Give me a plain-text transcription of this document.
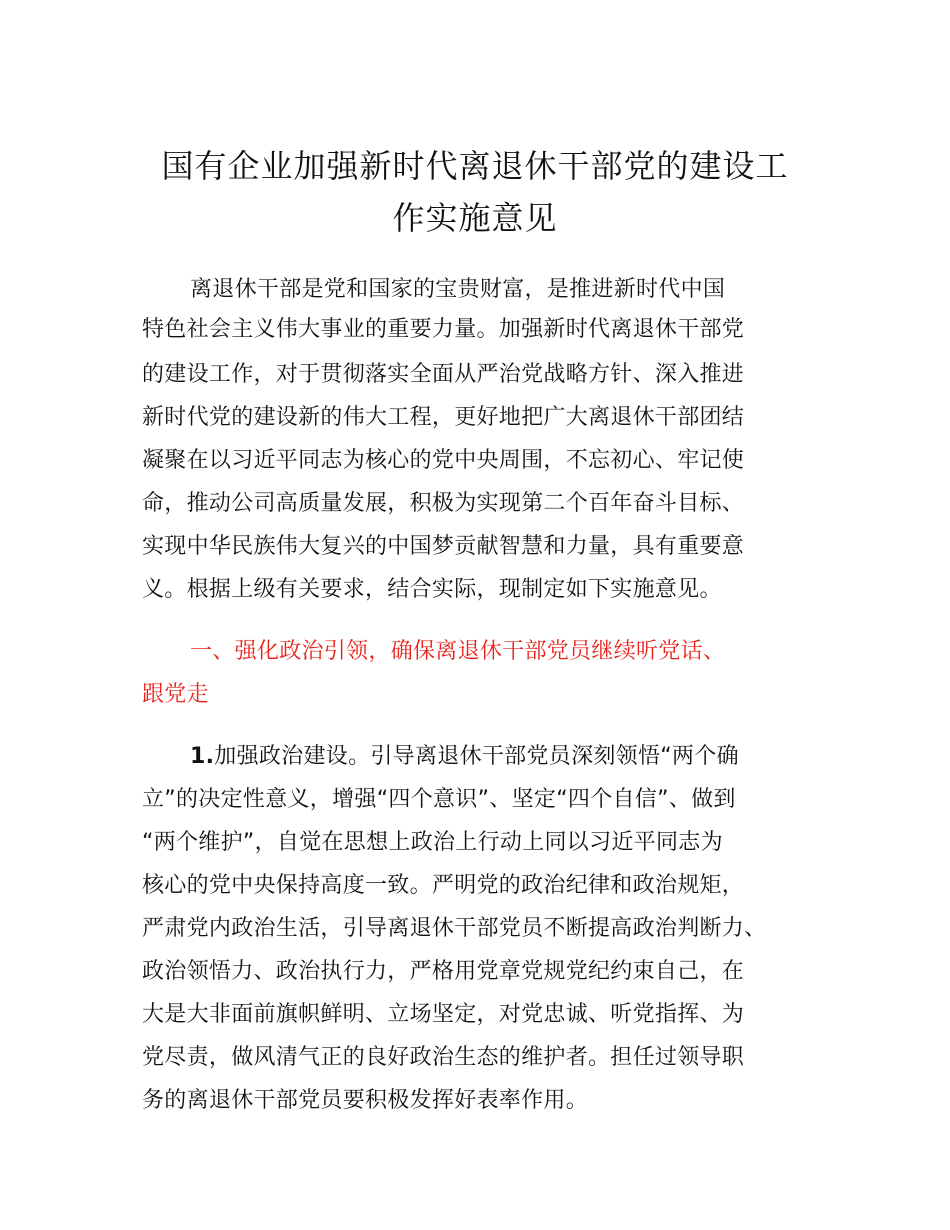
国有企业加强新时代离退休干部党的建设工
作实施意见
离退休干部是党和国家的宝贵财富，是推进新时代中国
特色社会主义伟大事业的重要力量。加强新时代离退休干部党
的建设工作，对于贯彻落实全面从严治党战略方针、深入推进
新时代党的建设新的伟大工程，更好地把广大离退休干部团结
凝聚在以习近平同志为核心的党中央周围，不忘初心、牢记使
命，推动公司高质量发展，积极为实现第二个百年奋斗目标、
实现中华民族伟大复兴的中国梦贡献智慧和力量，具有重要意
义。根据上级有关要求，结合实际，现制定如下实施意见。
一、强化政治引领，确保离退休干部党员继续听党话、
跟党走
1.加强政治建设。引导离退休干部党员深刻领悟“两个确
立”的决定性意义，增强“四个意识”、坚定“四个自信”、做到
“两个维护”，自觉在思想上政治上行动上同以习近平同志为
核心的党中央保持高度一致。严明党的政治纪律和政治规矩，
严肃党内政治生活，引导离退休干部党员不断提高政治判断力、
政治领悟力、政治执行力，严格用党章党规党纪约束自己，在
大是大非面前旗帜鲜明、立场坚定，对党忠诚、听党指挥、为
党尽责，做风清气正的良好政治生态的维护者。担任过领导职
务的离退休干部党员要积极发挥好表率作用。
